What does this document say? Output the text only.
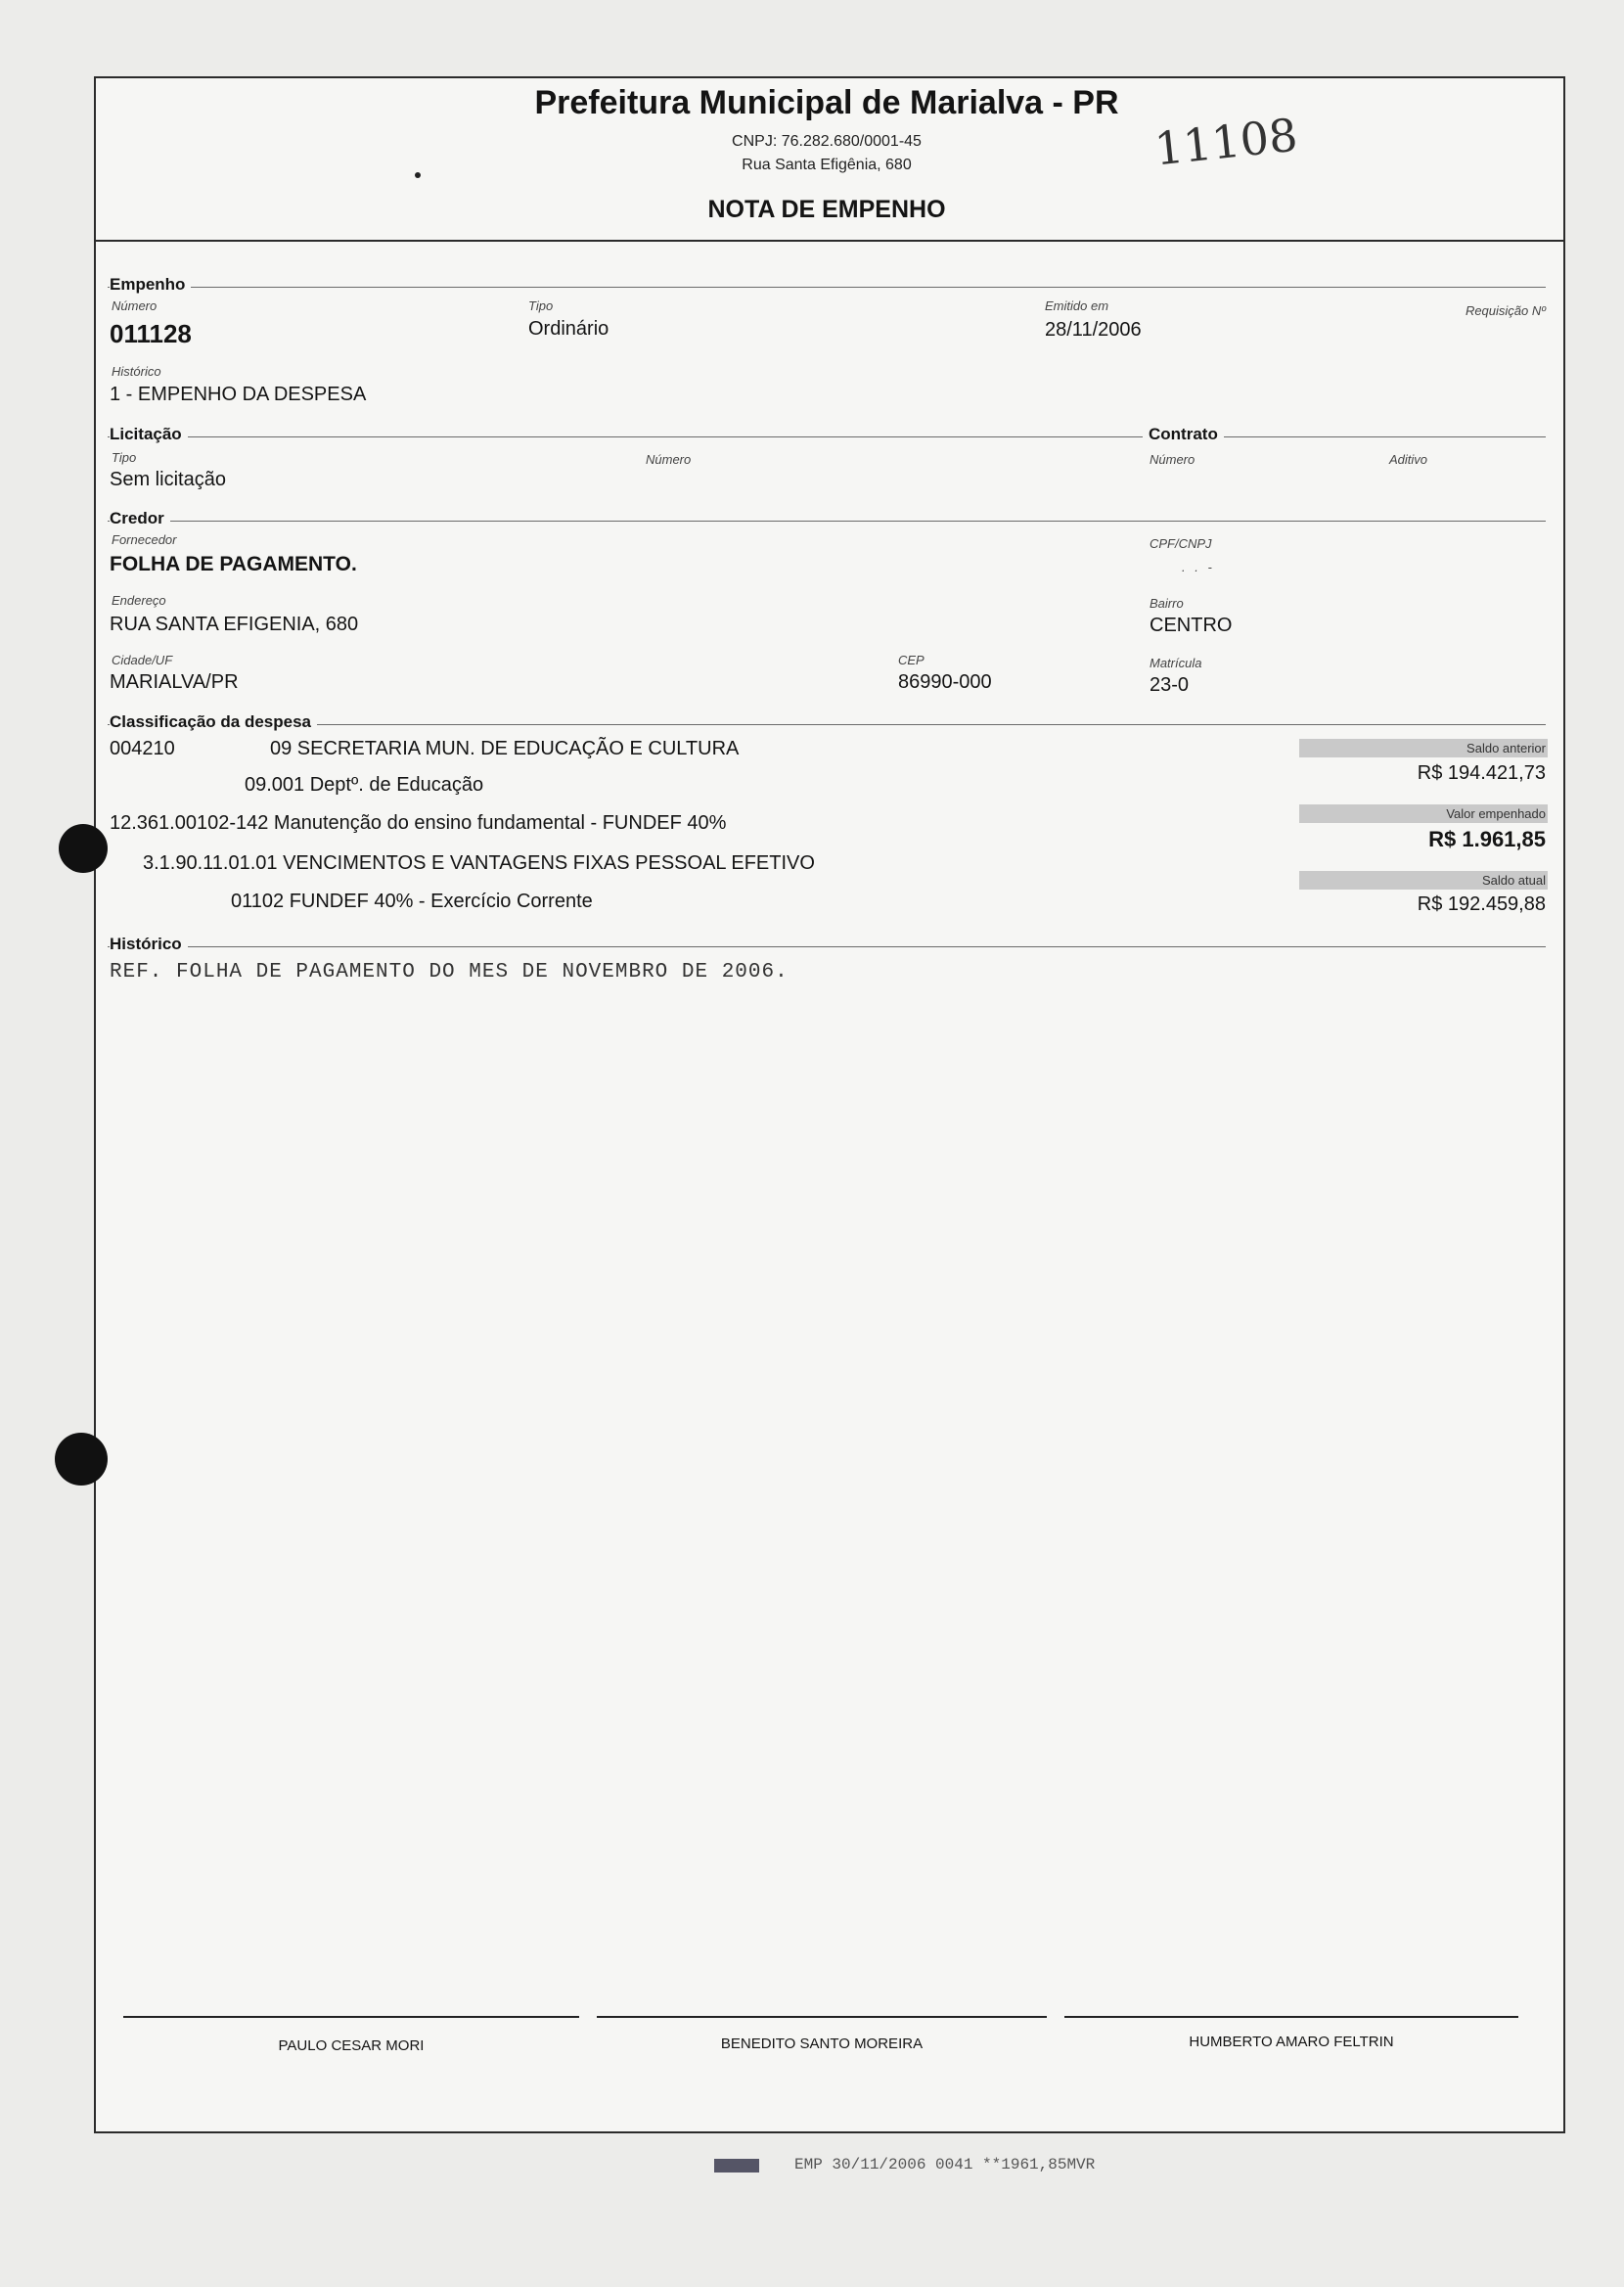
Prefeitura Municipal de Marialva - PR
CNPJ: 76.282.680/0001-45
Rua Santa Efigênia, 680
NOTA DE EMPENHO
11108
Empenho
Número
011128
Tipo
Ordinário
Emitido em
28/11/2006
Requisição Nº
Histórico
1 - EMPENHO DA DESPESA
Licitação	Contrato
Tipo
Sem licitação
Número	Número	Aditivo
Credor
Fornecedor
FOLHA DE PAGAMENTO.
CPF/CNPJ
. . -
Endereço
RUA SANTA EFIGENIA, 680
Bairro
CENTRO
Cidade/UF
MARIALVA/PR
CEP
86990-000
Matrícula
23-0
Classificação da despesa
004210	09 SECRETARIA MUN. DE EDUCAÇÃO E CULTURA
09.001 Deptº. de Educação
12.361.00102-142 Manutenção do ensino fundamental - FUNDEF 40%
3.1.90.11.01.01 VENCIMENTOS E VANTAGENS FIXAS PESSOAL EFETIVO
01102 FUNDEF 40% - Exercício Corrente
Saldo anterior
R$ 194.421,73
Valor empenhado
R$ 1.961,85
Saldo atual
R$ 192.459,88
Histórico
REF. FOLHA DE PAGAMENTO DO MES DE NOVEMBRO DE 2006.
PAULO CESAR MORI	BENEDITO SANTO MOREIRA	HUMBERTO AMARO FELTRIN
EMP 30/11/2006 0041 **1961,85MVR
